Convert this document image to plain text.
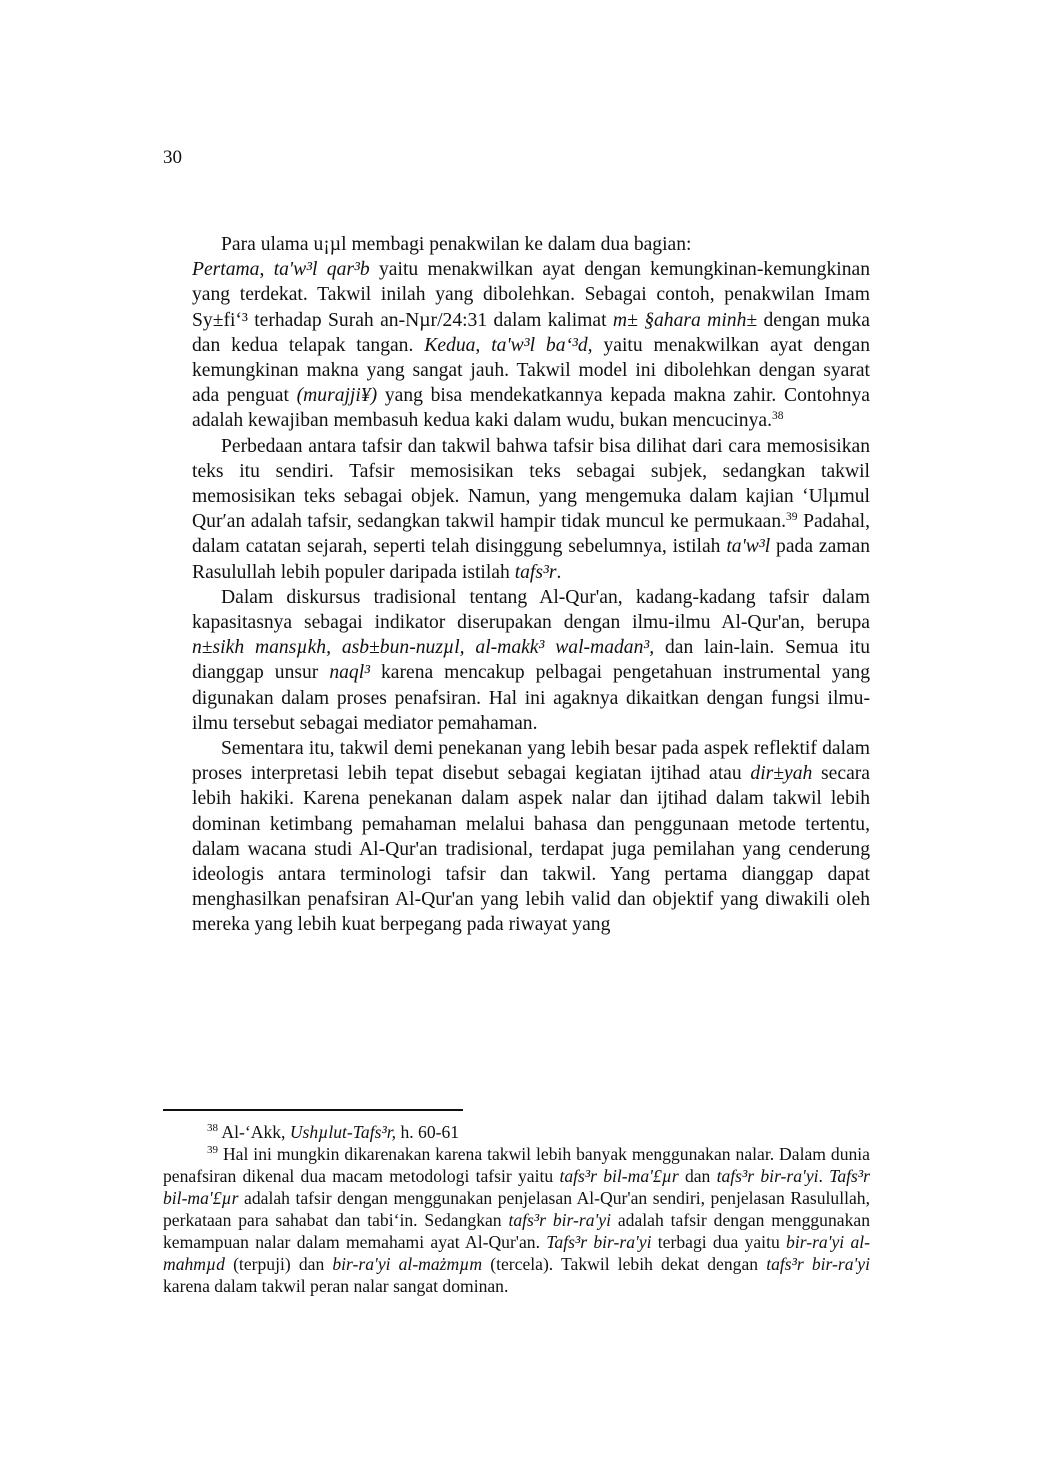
30

Para ulama u¡µl membagi penakwilan ke dalam dua bagian:

Pertama, ta'w³l qar³b yaitu menakwilkan ayat dengan kemungkinan-kemungkinan yang terdekat. Takwil inilah yang dibolehkan. Sebagai contoh, penakwilan Imam Sy±fi‘³ terhadap Surah an-Nµr/24:31 dalam kalimat m± §ahara minh± dengan muka dan kedua telapak tangan. Kedua, ta'w³l ba‘³d, yaitu menakwilkan ayat dengan kemungkinan makna yang sangat jauh. Takwil model ini dibolehkan dengan syarat ada penguat (murajji¥) yang bisa mendekatkannya kepada makna zahir. Contohnya adalah kewajiban membasuh kedua kaki dalam wudu, bukan mencucinya.$^{38}$

Perbedaan antara tafsir dan takwil bahwa tafsir bisa dilihat dari cara memosisikan teks itu sendiri. Tafsir memosisikan teks sebagai subjek, sedangkan takwil memosisikan teks sebagai objek. Namun, yang mengemuka dalam kajian ‘Ulµmul Qur′an adalah tafsir, sedangkan takwil hampir tidak muncul ke permukaan.$^{39}$ Padahal, dalam catatan sejarah, seperti telah disinggung sebelumnya, istilah ta'w³l pada zaman Rasulullah lebih populer daripada istilah tafs³r.

Dalam diskursus tradisional tentang Al-Qur'an, kadang-kadang tafsir dalam kapasitasnya sebagai indikator diserupakan dengan ilmu-ilmu Al-Qur'an, berupa n±sikh mansµkh, asb±bun-nuzµl, al-makk³ wal-madan³, dan lain-lain. Semua itu dianggap unsur naql³ karena mencakup pelbagai pengetahuan instrumental yang digunakan dalam proses penafsiran. Hal ini agaknya dikaitkan dengan fungsi ilmu-ilmu tersebut sebagai mediator pemahaman.

Sementara itu, takwil demi penekanan yang lebih besar pada aspek reflektif dalam proses interpretasi lebih tepat disebut sebagai kegiatan ijtihad atau dir±yah secara lebih hakiki. Karena penekanan dalam aspek nalar dan ijtihad dalam takwil lebih dominan ketimbang pemahaman melalui bahasa dan penggunaan metode tertentu, dalam wacana studi Al-Qur'an tradisional, terdapat juga pemilahan yang cenderung ideologis antara terminologi tafsir dan takwil. Yang pertama dianggap dapat menghasilkan penafsiran Al-Qur'an yang lebih valid dan objektif yang diwakili oleh mereka yang lebih kuat berpegang pada riwayat yang

$^{38}$ Al-‘Akk, Ushµlut-Tafs³r, h. 60-61

$^{39}$ Hal ini mungkin dikarenakan karena takwil lebih banyak menggunakan nalar. Dalam dunia penafsiran dikenal dua macam metodologi tafsir yaitu tafs³r bil-ma'£µr dan tafs³r bir-ra'yi. Tafs³r bil-ma'£µr adalah tafsir dengan menggunakan penjelasan Al-Qur'an sendiri, penjelasan Rasulullah, perkataan para sahabat dan tabi‘in. Sedangkan tafs³r bir-ra'yi adalah tafsir dengan menggunakan kemampuan nalar dalam memahami ayat Al-Qur'an. Tafs³r bir-ra'yi terbagi dua yaitu bir-ra'yi al-mahmµd (terpuji) dan bir-ra'yi al-mażmµm (tercela). Takwil lebih dekat dengan tafs³r bir-ra'yi karena dalam takwil peran nalar sangat dominan.
